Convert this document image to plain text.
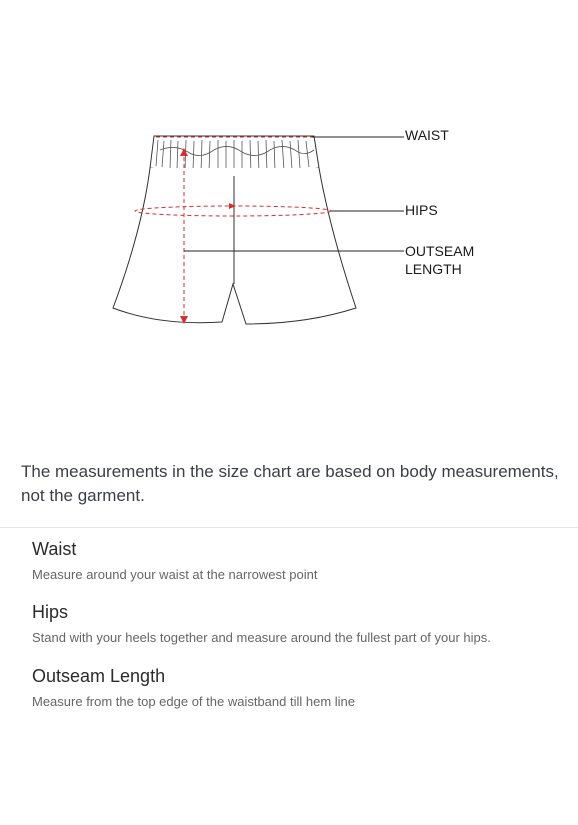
WAIST
HIPS
OUTSEAM
LENGTH

The measurements in the size chart are based on body measurements, not the garment.

Waist

Measure around your waist at the narrowest point

Hips

Stand with your heels together and measure around the fullest part of your hips.

Outseam Length

Measure from the top edge of the waistband till hem line
